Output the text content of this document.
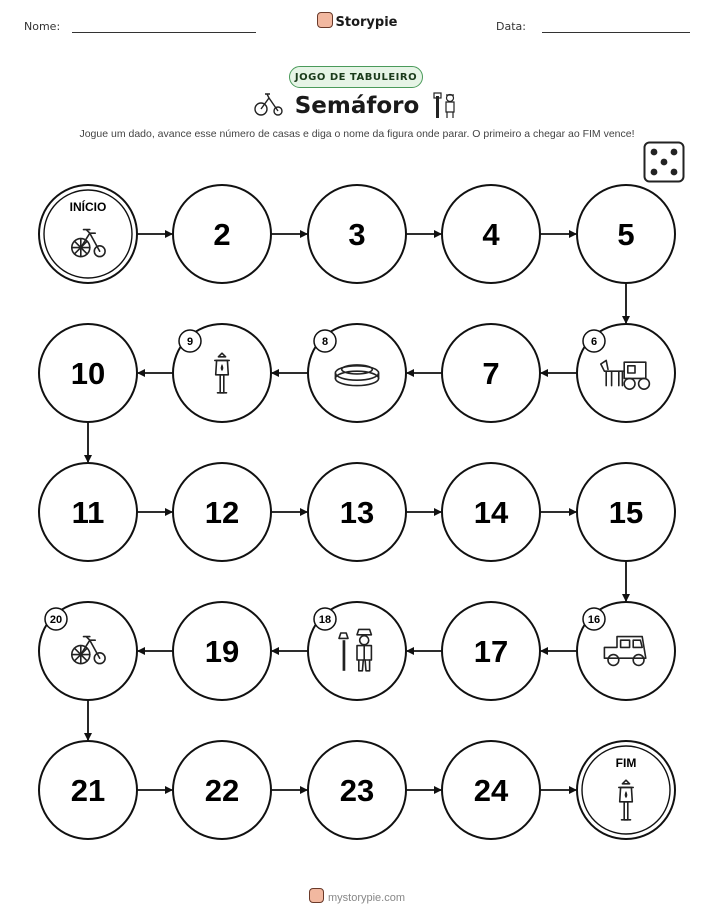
Nome:	Storypie	Data:
JOGO DE TABULEIRO
Semáforo
Jogue um dado, avance esse número de casas e diga o nome da figura onde parar. O primeiro a chegar ao FIM vence!
INÍCIO
2	3	4	5
6
7
8
9
10
11	12	13	14	15
16
17
18
19
20
21	22	23	24
FIM
mystorypie.com
